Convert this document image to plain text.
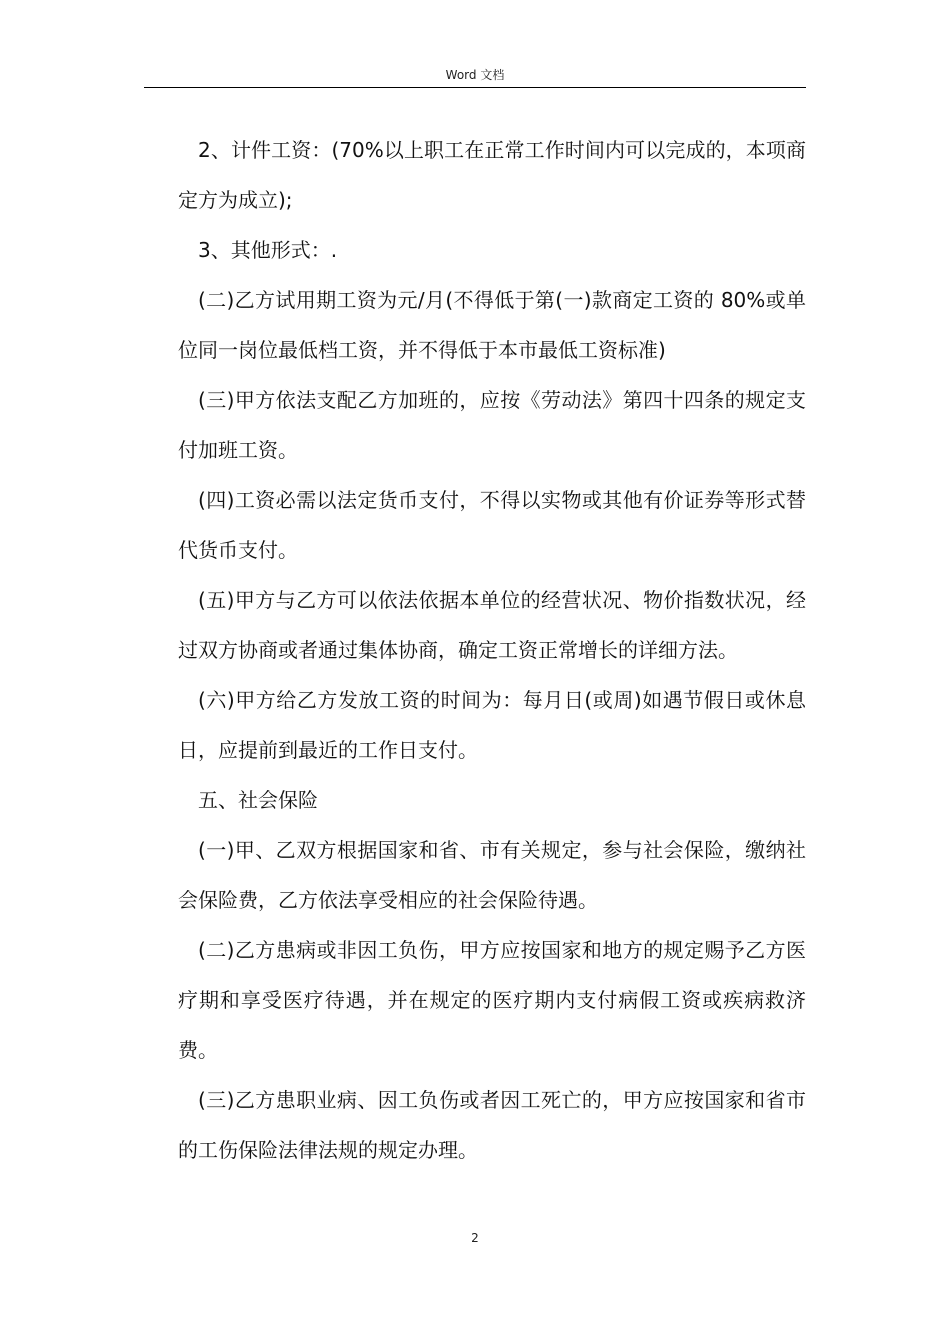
Word 文档

2、计件工资：(70%以上职工在正常工作时间内可以完成的，本项商定方为成立);

3、其他形式：.

(二)乙方试用期工资为元/月(不得低于第(一)款商定工资的 80%或单位同一岗位最低档工资，并不得低于本市最低工资标准)

(三)甲方依法支配乙方加班的，应按《劳动法》第四十四条的规定支付加班工资。

(四)工资必需以法定货币支付，不得以实物或其他有价证券等形式替代货币支付。

(五)甲方与乙方可以依法依据本单位的经营状况、物价指数状况，经过双方协商或者通过集体协商，确定工资正常增长的详细方法。

(六)甲方给乙方发放工资的时间为：每月日(或周)如遇节假日或休息日，应提前到最近的工作日支付。

五、社会保险

(一)甲、乙双方根据国家和省、市有关规定，参与社会保险，缴纳社会保险费，乙方依法享受相应的社会保险待遇。

(二)乙方患病或非因工负伤，甲方应按国家和地方的规定赐予乙方医疗期和享受医疗待遇，并在规定的医疗期内支付病假工资或疾病救济费。

(三)乙方患职业病、因工负伤或者因工死亡的，甲方应按国家和省市的工伤保险法律法规的规定办理。

2
